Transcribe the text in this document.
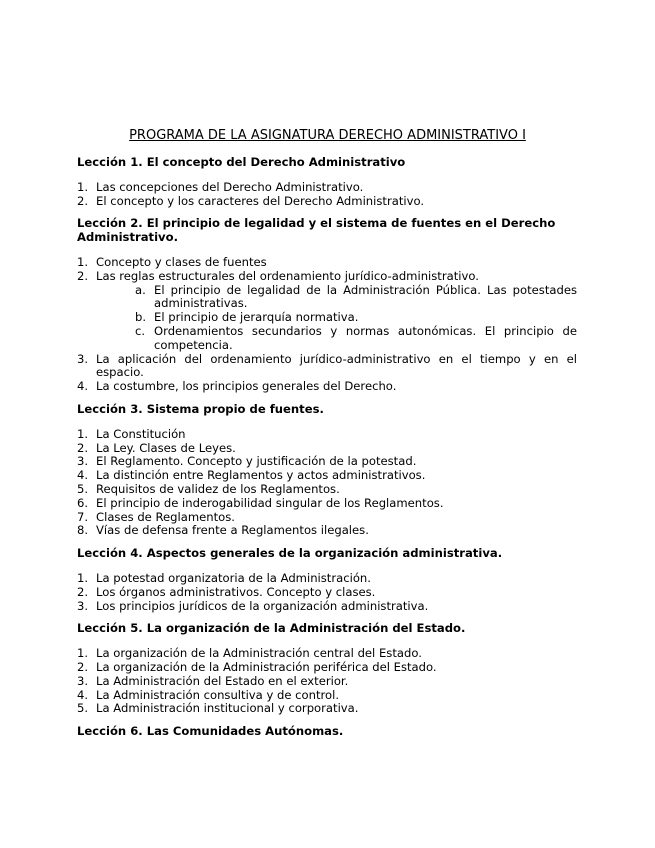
PROGRAMA DE LA ASIGNATURA DERECHO ADMINISTRATIVO I
Lección 1. El concepto del Derecho Administrativo
1. Las concepciones del Derecho Administrativo.
2. El concepto y los caracteres del Derecho Administrativo.
Lección 2. El principio de legalidad y el sistema de fuentes en el Derecho Administrativo.
1. Concepto y clases de fuentes
2. Las reglas estructurales del ordenamiento jurídico-administrativo.
a. El principio de legalidad de la Administración Pública. Las potestades administrativas.
b. El principio de jerarquía normativa.
c. Ordenamientos secundarios y normas autonómicas. El principio de competencia.
3. La aplicación del ordenamiento jurídico-administrativo en el tiempo y en el espacio.
4. La costumbre, los principios generales del Derecho.
Lección 3. Sistema propio de fuentes.
1. La Constitución
2. La Ley. Clases de Leyes.
3. El Reglamento. Concepto y justificación de la potestad.
4. La distinción entre Reglamentos y actos administrativos.
5. Requisitos de validez de los Reglamentos.
6. El principio de inderogabilidad singular de los Reglamentos.
7. Clases de Reglamentos.
8. Vías de defensa frente a Reglamentos ilegales.
Lección 4. Aspectos generales de la organización administrativa.
1. La potestad organizatoria de la Administración.
2. Los órganos administrativos. Concepto y clases.
3. Los principios jurídicos de la organización administrativa.
Lección 5. La organización de la Administración del Estado.
1. La organización de la Administración central del Estado.
2. La organización de la Administración periférica del Estado.
3. La Administración del Estado en el exterior.
4. La Administración consultiva y de control.
5. La Administración institucional y corporativa.
Lección 6. Las Comunidades Autónomas.
